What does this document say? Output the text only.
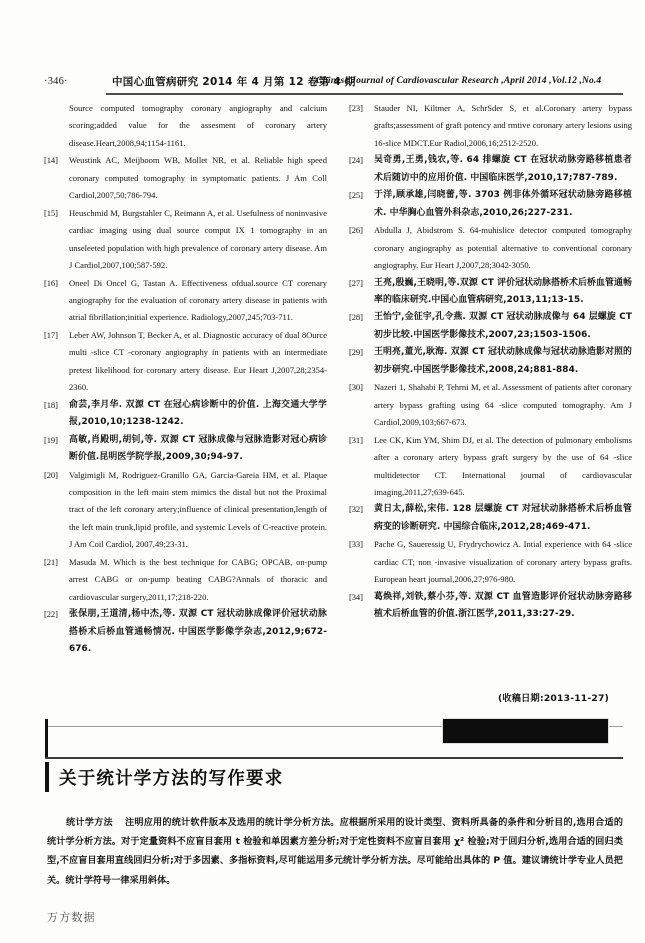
·346·	中国心血管病研究 2014 年 4 月第 12 卷第 4 期
Chinese Journal of Cardiovascular Research ,April 2014 ,Vol.12 ,No.4
Source computed tomography coronary angiography and calcium scoring;added value for the assesment of coronary artery disease.Heart,2008,94;1154-1161.
[14]	Weustink AC, Meijboom WB, Mollet NR, et al. Reliable high speed coronary computed tomography in symptomatic patients. J Am Coll Cardiol,2007,50;786-794.
[15]	Heuschmid M, Burgstahler C, Reimann A, et al. Usefulness of noninvasive cardiac imaging using dual source comput IX 1 tomography in an unseleeted population with high prevalence of coronary artery disease. Am J Cardiol,2007,100;587-592.
[16]	Oneel Di Oncel G, Tastan A. Effectiveness ofdual.source CT corenary angiography for the evaluation of coronary artery disease in patients with atrial fibrillation;initial experience. Radiology,2007,245;703-711.
[17]	Leber AW, Johnson T, Becker A, et al. Diagnostic accuracy of dual 8Ource multi -slice CT -coronary angiography in patients with an intermediate pretest likelihood for coronary artery disease. Eur Heart J,2007,28;2354-2360.
[18]	俞芸,李月华. 双源 CT 在冠心病诊断中的价值. 上海交通大学学报,2010,10;1238-1242.
[19]	高敏,肖殿明,胡钊,等. 双源 CT 冠脉成像与冠脉造影对冠心病诊断价值.昆明医学院学报,2009,30;94-97.
[20]	Valgimigli M, Rodriguez-Granillo GA, Garcia-Gareia HM, et al. Plaque composition in the left main stem mimics the distal but not the Proximal tract of the left coronary artery;influence of clinical presentation,length of the left main trunk,lipid profile, and systemic Levels of C-reactive protein. J Am Coil Cardiol, 2007,49;23-31.
[21]	Masuda M. Which is the best technique for CABG; OPCAB, on-pump arrest CABG or on-pump beating CABG?Annals of thoracic and cardiovascular surgery,2011,17;218-220.
[22]	张保朋,王道清,杨中杰,等. 双源 CT 冠状动脉成像评价冠状动脉搭桥术后桥血管通畅情况. 中国医学影像学杂志,2012,9;672-676.
[23]	Stauder NI, Kiltmer A, SchrSder S, et al.Coronary artery bypass grafts;assessment of graft potency and rmtive coronary artery lesions using 16-slice MDCT.Eur Radiol,2006,16;2512-2520.
[24]	吴奇勇,王勇,钱农,等. 64 排螺旋 CT 在冠状动脉旁路移植患者术后随访中的应用价值. 中国临床医学,2010,17;787-789.
[25]	于洋,顾承雄,闫晓蕾,等. 3703 例非体外循环冠状动脉旁路移植术. 中华胸心血管外科杂志,2010,26;227-231.
[26]	Abdulla J, Abidstrom S. 64-muhislice detector computed tomography coronary angiography as potential alternative to conventional coronary angiography. Eur Heart J,2007,28;3042-3050.
[27]	王亮,殷巍,王晓明,等.双源 CT 评价冠状动脉搭桥术后桥血管通畅率的临床研究.中国心血管病研究,2013,11;13-15.
[28]	王怡宁,金征宇,孔令燕. 双源 CT 冠状动脉成像与 64 层螺旋 CT 初步比较.中国医学影像技术,2007,23;1503-1506.
[29]	王明亮,董光,耿海. 双源 CT 冠状动脉成像与冠状动脉造影对照的初步研究.中国医学影像技术,2008,24;881-884.
[30]	Nazeri 1, Shahabi P, Tehrni M, et al. Assessment of patients after coronary artery bypass grafting using 64 -slice computed tomography. Am J Cardiol,2009,103;667-673.
[31]	Lee CK, Kim YM, Shim DJ, et al. The detection of pulmonary embolisms after a coronary artery bypass graft surgery by the use of 64 -slice multidetector CT. International journal of cardiovascular imaging,2011,27;639-645.
[32]	黄日太,薛松,宋伟. 128 层螺旋 CT 对冠状动脉搭桥术后桥血管病变的诊断研究. 中国综合临床,2012,28;469-471.
[33]	Pache G, Saueressig U, Frydrychowicz A. Intial experience with 64 -slice cardiac CT; non -invasive visualization of coronary artery bypass grafts. European heart journal,2006,27;976-980.
[34]	葛焕祥,刘铁,蔡小芬,等. 双源 CT 血管造影评价冠状动脉旁路移植术后桥血管的价值.浙江医学,2011,33:27-29.
(收稿日期:2013-11-27)
关于统计学方法的写作要求
统计学方法 注明应用的统计软件版本及选用的统计学分析方法。应根据所采用的设计类型、资料所具备的条件和分析目的,选用合适的统计学分析方法。对于定量资料不应盲目套用 t 检验和单因素方差分析;对于定性资料不应盲目套用 χ² 检验;对于回归分析,选用合适的回归类型,不应盲目套用直线回归分析;对于多因素、多指标资料,尽可能运用多元统计学分析方法。尽可能给出具体的 P 值。建议请统计学专业人员把关。统计学符号一律采用斜体。
万方数据
